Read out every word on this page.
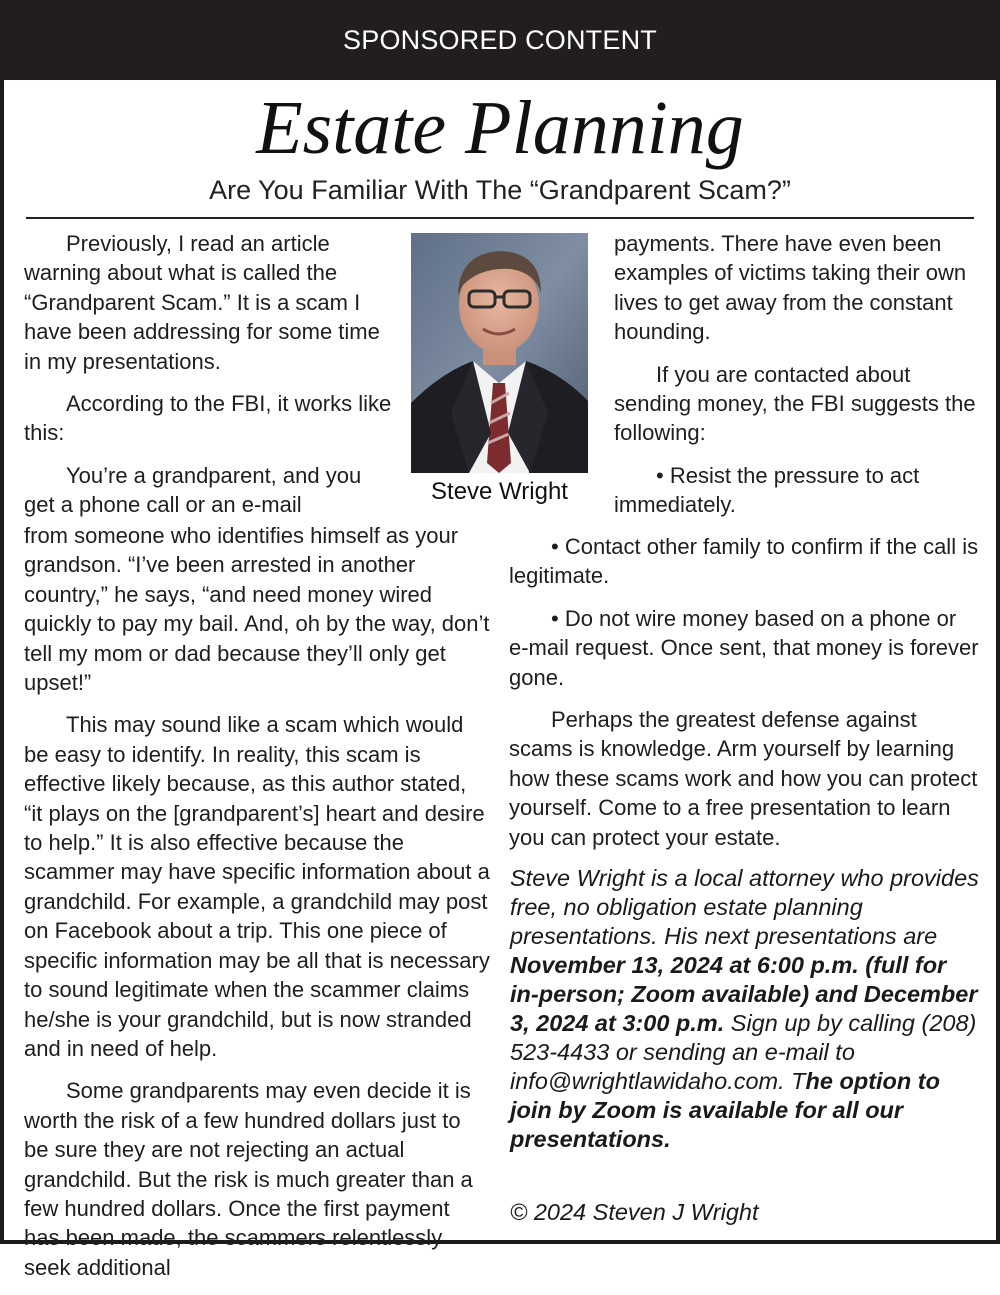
SPONSORED CONTENT
Estate Planning
Are You Familiar With The “Grandparent Scam?”
Steve Wright

Previously, I read an article warning about what is called the “Grandparent Scam.” It is a scam I have been addressing for some time in my presentations.

According to the FBI, it works like this:

You’re a grandparent, and you get a phone call or an e-mail

from someone who identifies himself as your grandson. “I’ve been arrested in another country,” he says, “and need money wired quickly to pay my bail. And, oh by the way, don’t tell my mom or dad because they’ll only get upset!”

This may sound like a scam which would be easy to identify. In reality, this scam is effective likely because, as this author stated, “it plays on the [grandparent’s] heart and desire to help.” It is also effective because the scammer may have specific information about a grandchild. For example, a grandchild may post on Facebook about a trip. This one piece of specific information may be all that is necessary to sound legitimate when the scammer claims he/she is your grandchild, but is now stranded and in need of help.

Some grandparents may even decide it is worth the risk of a few hundred dollars just to be sure they are not rejecting an actual grandchild. But the risk is much greater than a few hundred dollars. Once the first payment has been made, the scammers relentlessly seek additional

payments. There have even been examples of victims taking their own lives to get away from the constant hounding.

If you are contacted about sending money, the FBI suggests the following:

• Resist the pressure to act immediately.

• Contact other family to confirm if the call is legitimate.

• Do not wire money based on a phone or e-mail request. Once sent, that money is forever gone.

Perhaps the greatest defense against scams is knowledge. Arm yourself by learning how these scams work and how you can protect yourself. Come to a free presentation to learn you can protect your estate.

Steve Wright is a local attorney who provides free, no obligation estate planning presentations. His next presentations are November 13, 2024 at 6:00 p.m. (full for in-person; Zoom available) and December 3, 2024 at 3:00 p.m. Sign up by calling (208) 523-4433 or sending an e-mail to info@wrightlawidaho.com. The option to join by Zoom is available for all our presentations.
© 2024 Steven J Wright
